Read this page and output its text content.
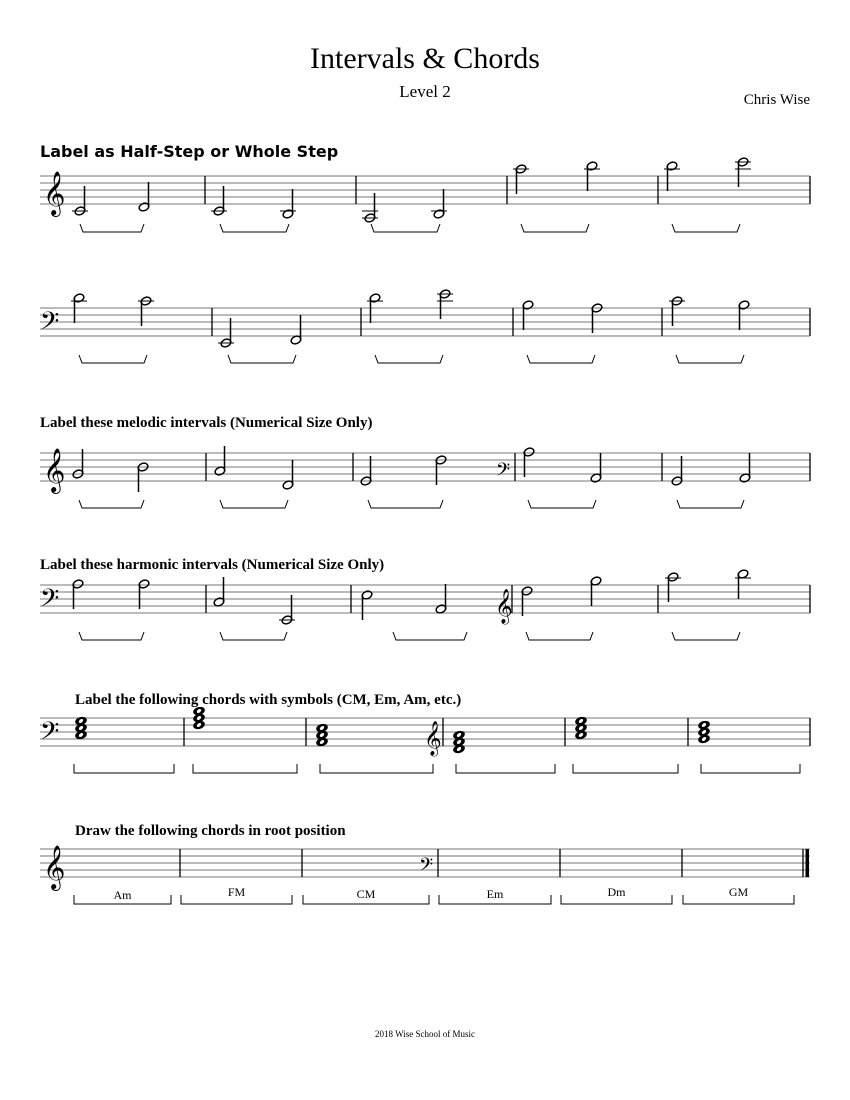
Intervals & Chords
Level 2	Chris Wise
Label as Half-Step or Whole Step
Label these melodic intervals (Numerical Size Only)
Label these harmonic intervals (Numerical Size Only)
Label the following chords with symbols (CM, Em, Am, etc.)
Draw the following chords in root position
𝄞
𝄢
𝄞	𝄢
𝄢	𝄞
𝄢	𝄞
𝄞	𝄢
Am	FM	CM	Em	Dm	GM
2018 Wise School of Music
